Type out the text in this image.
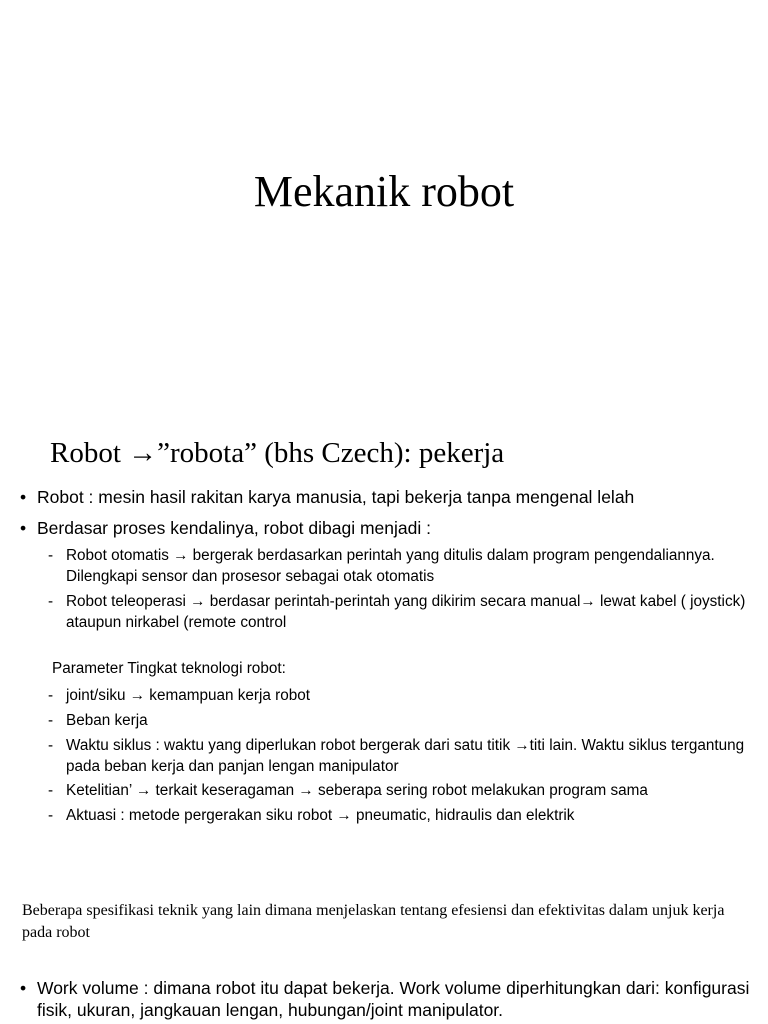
Mekanik robot
Robot →”robota” (bhs Czech): pekerja
• Robot : mesin hasil rakitan karya manusia, tapi bekerja tanpa mengenal lelah
• Berdasar proses kendalinya, robot dibagi menjadi :
- Robot otomatis → bergerak berdasarkan perintah yang ditulis dalam program pengendaliannya. Dilengkapi sensor dan prosesor sebagai otak otomatis
- Robot teleoperasi → berdasar perintah-perintah yang dikirim secara manual→ lewat kabel ( joystick) ataupun nirkabel (remote control
Parameter Tingkat teknologi robot:
- joint/siku → kemampuan kerja robot
- Beban kerja
- Waktu siklus : waktu yang diperlukan robot bergerak dari satu titik →titi lain. Waktu siklus tergantung pada beban kerja dan panjan lengan manipulator
- Ketelitian’ → terkait keseragaman → seberapa sering robot melakukan program sama
- Aktuasi : metode pergerakan siku robot → pneumatic, hidraulis dan elektrik
Beberapa spesifikasi teknik yang lain dimana menjelaskan tentang efesiensi dan efektivitas dalam unjuk kerja pada robot
• Work volume : dimana robot itu dapat bekerja. Work volume diperhitungkan dari: konfigurasi fisik, ukuran, jangkauan lengan, hubungan/joint manipulator.
